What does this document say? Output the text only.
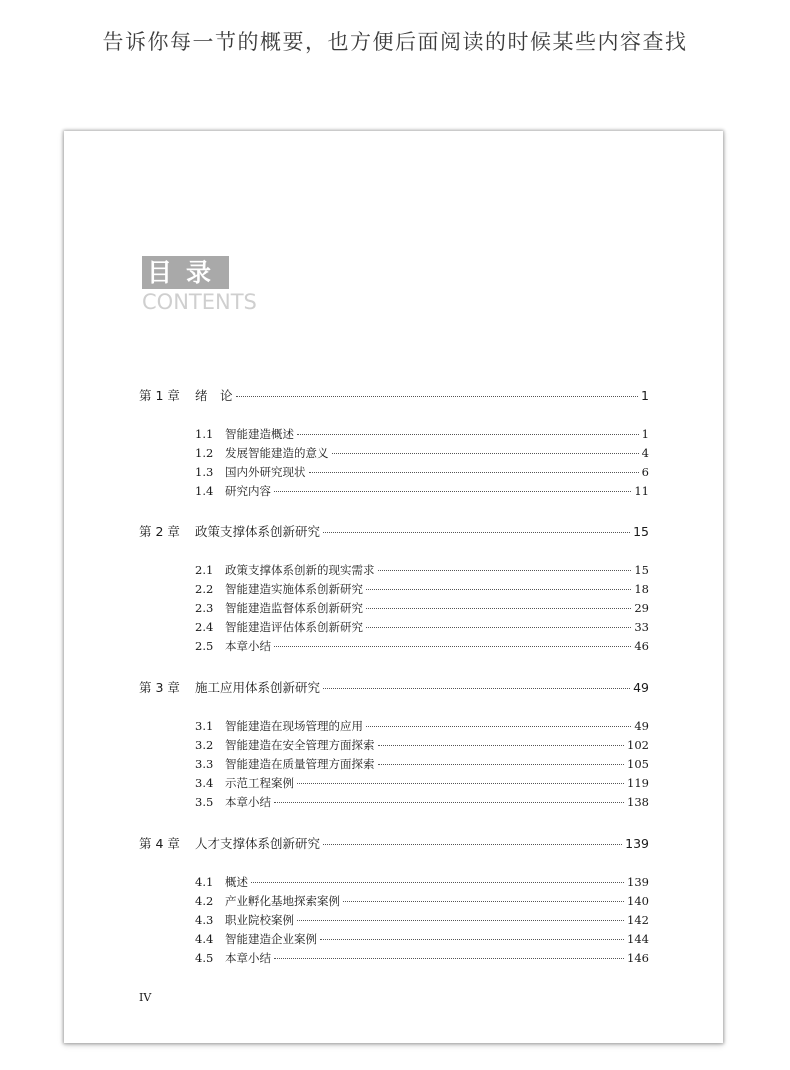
告诉你每一节的概要，也方便后面阅读的时候某些内容查找
目录
CONTENTS
第 1 章	绪　论	1
1.1	智能建造概述	1
1.2	发展智能建造的意义	4
1.3	国内外研究现状	6
1.4	研究内容	11
第 2 章	政策支撑体系创新研究	15
2.1	政策支撑体系创新的现实需求	15
2.2	智能建造实施体系创新研究	18
2.3	智能建造监督体系创新研究	29
2.4	智能建造评估体系创新研究	33
2.5	本章小结	46
第 3 章	施工应用体系创新研究	49
3.1	智能建造在现场管理的应用	49
3.2	智能建造在安全管理方面探索	102
3.3	智能建造在质量管理方面探索	105
3.4	示范工程案例	119
3.5	本章小结	138
第 4 章	人才支撑体系创新研究	139
4.1	概述	139
4.2	产业孵化基地探索案例	140
4.3	职业院校案例	142
4.4	智能建造企业案例	144
4.5	本章小结	146
IV
